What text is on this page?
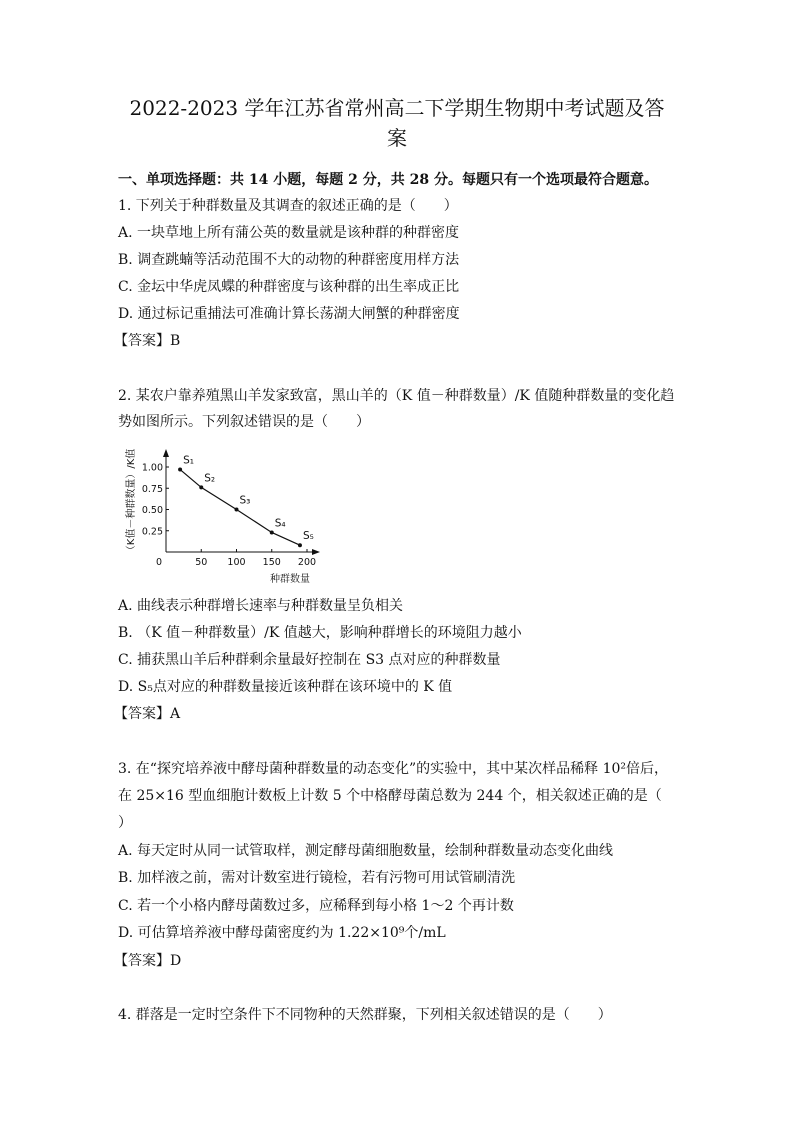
2022-2023 学年江苏省常州高二下学期生物期中考试题及答
案
一、单项选择题：共 14 小题，每题 2 分，共 28 分。每题只有一个选项最符合题意。
1. 下列关于种群数量及其调查的叙述正确的是（　　）
A. 一块草地上所有蒲公英的数量就是该种群的种群密度
B. 调查跳蝻等活动范围不大的动物的种群密度用样方法
C. 金坛中华虎凤蝶的种群密度与该种群的出生率成正比
D. 通过标记重捕法可准确计算长荡湖大闸蟹的种群密度
【答案】B
2. 某农户靠养殖黑山羊发家致富，黑山羊的（K 值－种群数量）/K 值随种群数量的变化趋
势如图所示。下列叙述错误的是（　　）
1.00
0.75
0.50
0.25
0	50 100 150 200
种群数量
（K值－种群数量）/K值	S₁
S₂
S₃
S₄
S₅
A. 曲线表示种群增长速率与种群数量呈负相关
B. （K 值－种群数量）/K 值越大，影响种群增长的环境阻力越小
C. 捕获黑山羊后种群剩余量最好控制在 S3 点对应的种群数量
D. S₅点对应的种群数量接近该种群在该环境中的 K 值
【答案】A
3. 在“探究培养液中酵母菌种群数量的动态变化”的实验中，其中某次样品稀释 10²倍后，
在 25×16 型血细胞计数板上计数 5 个中格酵母菌总数为 244 个，相关叙述正确的是（
）
A. 每天定时从同一试管取样，测定酵母菌细胞数量，绘制种群数量动态变化曲线
B. 加样液之前，需对计数室进行镜检，若有污物可用试管刷清洗
C. 若一个小格内酵母菌数过多，应稀释到每小格 1～2 个再计数
D. 可估算培养液中酵母菌密度约为 1.22×10⁹个/mL
【答案】D
4. 群落是一定时空条件下不同物种的天然群聚，下列相关叙述错误的是（　　）
